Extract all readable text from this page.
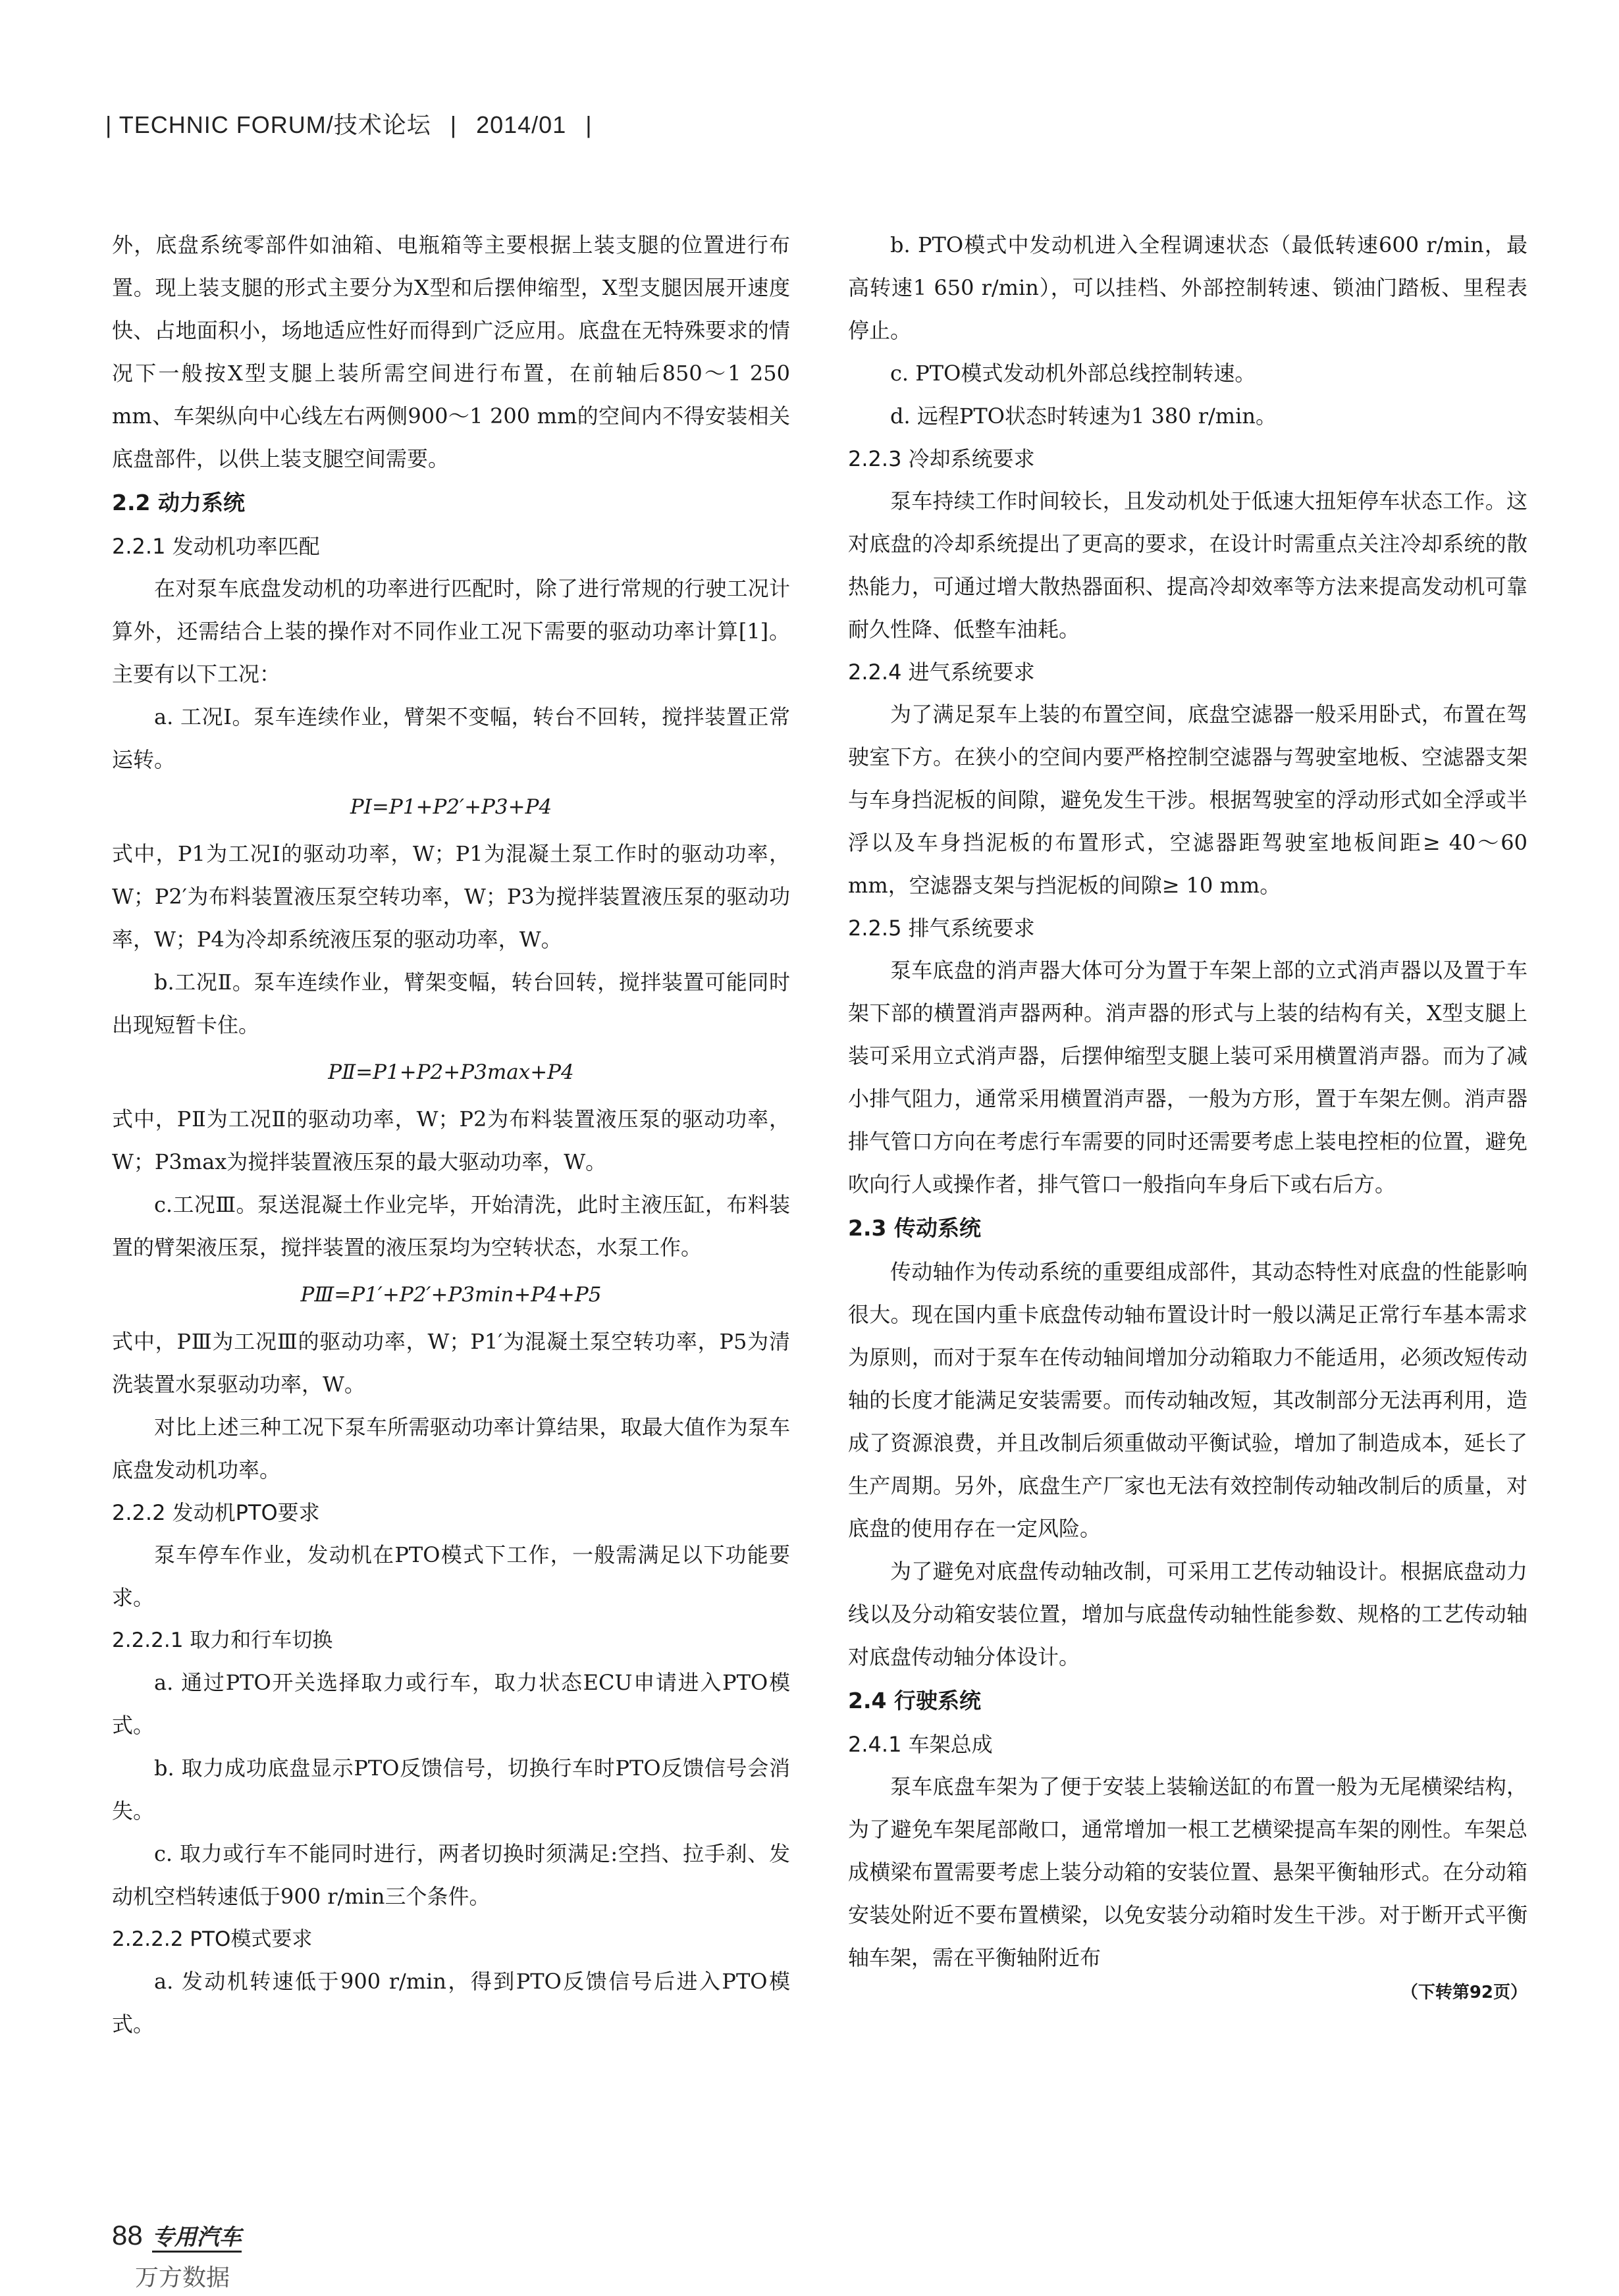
| TECHNIC FORUM/技术论坛 | 2014/01 |

外，底盘系统零部件如油箱、电瓶箱等主要根据上装支腿的位置进行布置。现上装支腿的形式主要分为X型和后摆伸缩型，X型支腿因展开速度快、占地面积小，场地适应性好而得到广泛应用。底盘在无特殊要求的情况下一般按X型支腿上装所需空间进行布置，在前轴后850～1 250 mm、车架纵向中心线左右两侧900～1 200 mm的空间内不得安装相关底盘部件，以供上装支腿空间需要。

2.2 动力系统
2.2.1 发动机功率匹配

在对泵车底盘发动机的功率进行匹配时，除了进行常规的行驶工况计算外，还需结合上装的操作对不同作业工况下需要的驱动功率计算[1]。主要有以下工况：

a. 工况Ⅰ。泵车连续作业，臂架不变幅，转台不回转，搅拌装置正常运转。

PⅠ=P1+P2′+P3+P4

式中，P1为工况Ⅰ的驱动功率，W；P1为混凝土泵工作时的驱动功率，W；P2′为布料装置液压泵空转功率，W；P3为搅拌装置液压泵的驱动功率，W；P4为冷却系统液压泵的驱动功率，W。

b.工况Ⅱ。泵车连续作业，臂架变幅，转台回转，搅拌装置可能同时出现短暂卡住。

PⅡ=P1+P2+P3max+P4

式中，PⅡ为工况Ⅱ的驱动功率，W；P2为布料装置液压泵的驱动功率，W；P3max为搅拌装置液压泵的最大驱动功率，W。

c.工况Ⅲ。泵送混凝土作业完毕，开始清洗，此时主液压缸，布料装置的臂架液压泵，搅拌装置的液压泵均为空转状态，水泵工作。

PⅢ=P1′+P2′+P3min+P4+P5

式中，PⅢ为工况Ⅲ的驱动功率，W；P1′为混凝土泵空转功率，P5为清洗装置水泵驱动功率，W。

对比上述三种工况下泵车所需驱动功率计算结果，取最大值作为泵车底盘发动机功率。

2.2.2 发动机PTO要求

泵车停车作业，发动机在PTO模式下工作，一般需满足以下功能要求。

2.2.2.1 取力和行车切换

a. 通过PTO开关选择取力或行车，取力状态ECU申请进入PTO模式。

b. 取力成功底盘显示PTO反馈信号，切换行车时PTO反馈信号会消失。

c. 取力或行车不能同时进行，两者切换时须满足:空挡、拉手刹、发动机空档转速低于900 r/min三个条件。

2.2.2.2 PTO模式要求

a. 发动机转速低于900 r/min，得到PTO反馈信号后进入PTO模式。

b. PTO模式中发动机进入全程调速状态（最低转速600 r/min，最高转速1 650 r/min），可以挂档、外部控制转速、锁油门踏板、里程表停止。

c. PTO模式发动机外部总线控制转速。

d. 远程PTO状态时转速为1 380 r/min。

2.2.3 冷却系统要求

泵车持续工作时间较长，且发动机处于低速大扭矩停车状态工作。这对底盘的冷却系统提出了更高的要求，在设计时需重点关注冷却系统的散热能力，可通过增大散热器面积、提高冷却效率等方法来提高发动机可靠耐久性降、低整车油耗。

2.2.4 进气系统要求

为了满足泵车上装的布置空间，底盘空滤器一般采用卧式，布置在驾驶室下方。在狭小的空间内要严格控制空滤器与驾驶室地板、空滤器支架与车身挡泥板的间隙，避免发生干涉。根据驾驶室的浮动形式如全浮或半浮以及车身挡泥板的布置形式，空滤器距驾驶室地板间距≥ 40～60 mm，空滤器支架与挡泥板的间隙≥ 10 mm。

2.2.5 排气系统要求

泵车底盘的消声器大体可分为置于车架上部的立式消声器以及置于车架下部的横置消声器两种。消声器的形式与上装的结构有关，X型支腿上装可采用立式消声器，后摆伸缩型支腿上装可采用横置消声器。而为了减小排气阻力，通常采用横置消声器，一般为方形，置于车架左侧。消声器排气管口方向在考虑行车需要的同时还需要考虑上装电控柜的位置，避免吹向行人或操作者，排气管口一般指向车身后下或右后方。

2.3 传动系统

传动轴作为传动系统的重要组成部件，其动态特性对底盘的性能影响很大。现在国内重卡底盘传动轴布置设计时一般以满足正常行车基本需求为原则，而对于泵车在传动轴间增加分动箱取力不能适用，必须改短传动轴的长度才能满足安装需要。而传动轴改短，其改制部分无法再利用，造成了资源浪费，并且改制后须重做动平衡试验，增加了制造成本，延长了生产周期。另外，底盘生产厂家也无法有效控制传动轴改制后的质量，对底盘的使用存在一定风险。

为了避免对底盘传动轴改制，可采用工艺传动轴设计。根据底盘动力线以及分动箱安装位置，增加与底盘传动轴性能参数、规格的工艺传动轴对底盘传动轴分体设计。

2.4 行驶系统
2.4.1 车架总成

泵车底盘车架为了便于安装上装输送缸的布置一般为无尾横梁结构，为了避免车架尾部敞口，通常增加一根工艺横梁提高车架的刚性。车架总成横梁布置需要考虑上装分动箱的安装位置、悬架平衡轴形式。在分动箱安装处附近不要布置横梁，以免安装分动箱时发生干涉。对于断开式平衡轴车架，需在平衡轴附近布

（下转第92页）
88 专用汽车
万方数据
